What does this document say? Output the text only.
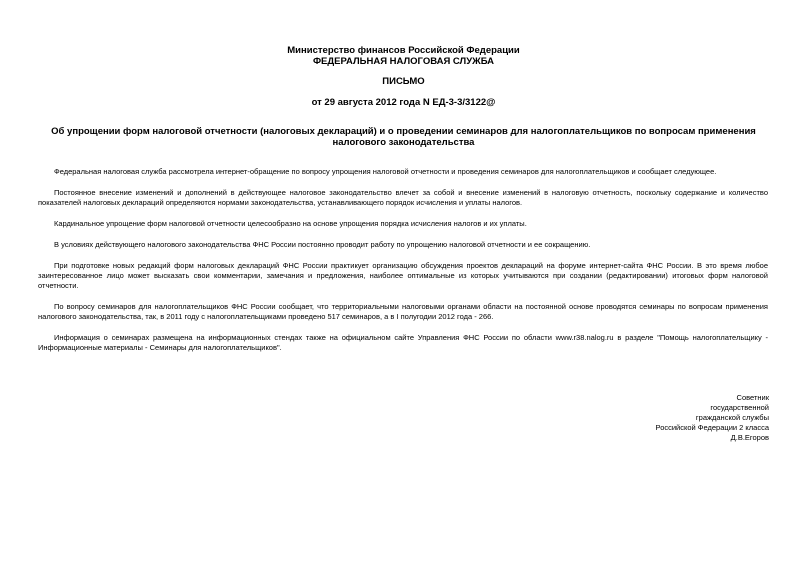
Министерство финансов Российской Федерации
ФЕДЕРАЛЬНАЯ НАЛОГОВАЯ СЛУЖБА
ПИСЬМО
от 29 августа 2012 года N ЕД-3-3/3122@
Об упрощении форм налоговой отчетности (налоговых деклараций) и о проведении семинаров для налогоплательщиков по вопросам применения налогового законодательства

Федеральная налоговая служба рассмотрела интернет-обращение по вопросу упрощения налоговой отчетности и проведения семинаров для налогоплательщиков и сообщает следующее.

Постоянное внесение изменений и дополнений в действующее налоговое законодательство влечет за собой и внесение изменений в налоговую отчетность, поскольку содержание и количество показателей налоговых деклараций определяются нормами законодательства, устанавливающего порядок исчисления и уплаты налогов.

Кардинальное упрощение форм налоговой отчетности целесообразно на основе упрощения порядка исчисления налогов и их уплаты.

В условиях действующего налогового законодательства ФНС России постоянно проводит работу по упрощению налоговой отчетности и ее сокращению.

При подготовке новых редакций форм налоговых деклараций ФНС России практикует организацию обсуждения проектов деклараций на форуме интернет-сайта ФНС России. В это время любое заинтересованное лицо может высказать свои комментарии, замечания и предложения, наиболее оптимальные из которых учитываются при создании (редактировании) итоговых форм налоговой отчетности.

По вопросу семинаров для налогоплательщиков ФНС России сообщает, что территориальными налоговыми органами области на постоянной основе проводятся семинары по вопросам применения налогового законодательства, так, в 2011 году с налогоплательщиками проведено 517 семинаров, а в I полугодии 2012 года - 266.

Информация о семинарах размещена на информационных стендах также на официальном сайте Управления ФНС России по области www.r38.nalog.ru в разделе "Помощь налогоплательщику - Информационные материалы - Семинары для налогоплательщиков".

Советник
государственной
гражданской службы
Российской Федерации 2 класса
Д.В.Егоров
